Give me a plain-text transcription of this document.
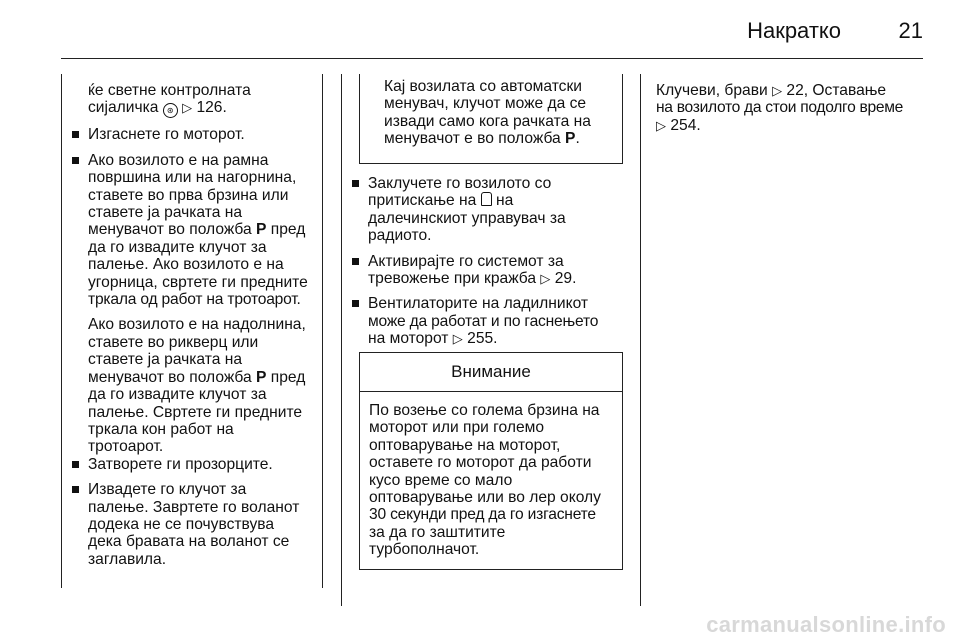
Накратко	21

ќе светне контролната
сијаличка ⊛ ▷ 126.

Изгаснете го моторот.
Ако возилото е на рамна
површина или на нагорнина,
ставете во прва брзина или
ставете ја рачката на
менувачот во положба P пред
да го извадите клучот за
палење. Ако возилото е на
угорница, свртете ги предните
тркала од работ на тротоарот.

Ако возилото е на надолнина,
ставете во рикверц или
ставете ја рачката на
менувачот во положба P пред
да го извадите клучот за
палење. Свртете ги предните
тркала кон работ на
тротоарот.

Затворете ги прозорците.
Извадете го клучот за
палење. Завртете го воланот
додека не се почувствува
дека бравата на воланот се
заглавила.
Кај возилата со автоматски
менувач, клучот може да се
извади само кога рачката на
менувачот е во положба P.
Заклучете го возилото со
притискање на  на
далечинскиот управувач за
радиото.
Активирајте го системот за
тревожење при кражба ▷ 29.
Вентилаторите на ладилникот
може да работат и по гаснењето
на моторот ▷ 255.
Внимание
По возење со голема брзина на
моторот или при големо
оптоварување на моторот,
оставете го моторот да работи
кусо време со мало
оптоварување или во лер околу
30 секунди пред да го изгаснете
за да го заштитите
турбополначот.

Клучеви, брави ▷ 22, Оставање
на возилото да стои подолго време
▷ 254.

carmanualsonline.info
